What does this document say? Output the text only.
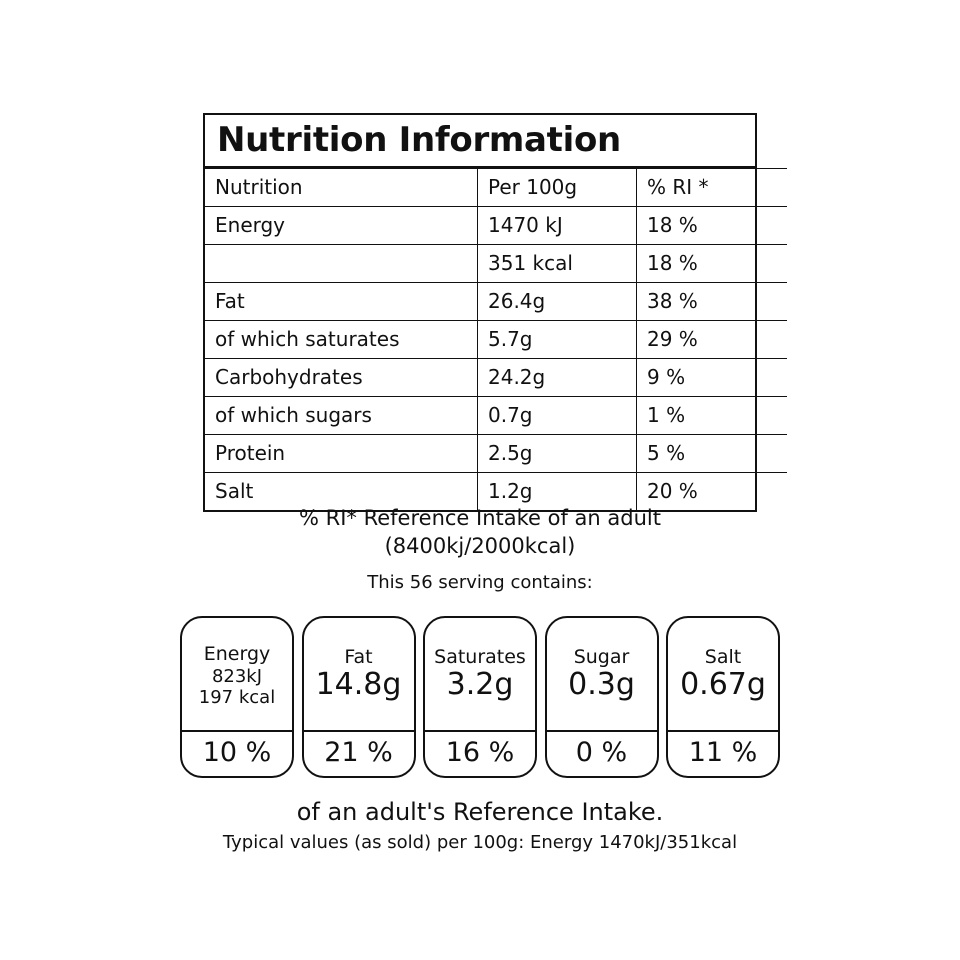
Nutrition Information
Nutrition	Per 100g	% RI *
Energy	1470 kJ	18 %
	351 kcal	18 %
Fat	26.4g	38 %
of which saturates	5.7g	29 %
Carbohydrates	24.2g	9 %
of which sugars	0.7g	1 %
Protein	2.5g	5 %
Salt	1.2g	20 %
% RI* Reference Intake of an adult
(8400kj/2000kcal)
This 56 serving contains:
Energy
823kJ
197 kcal
10 %
Fat
14.8g
21 %
Saturates
3.2g
16 %
Sugar
0.3g
0 %
Salt
0.67g
11 %
of an adult's Reference Intake.
Typical values (as sold) per 100g: Energy 1470kJ/351kcal
